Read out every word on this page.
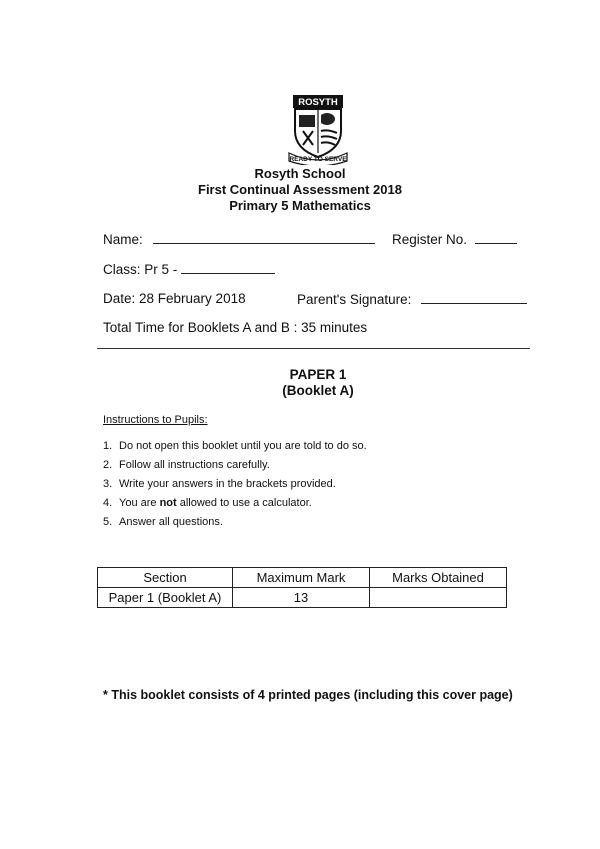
ROSYTH
READY TO SERVE
Rosyth School
First Continual Assessment 2018
Primary 5 Mathematics
Name:	Register No.
Class: Pr 5 -
Date: 28 February 2018	Parent's Signature:
Total Time for Booklets A and B : 35 minutes
PAPER 1
(Booklet A)
Instructions to Pupils:
1. Do not open this booklet until you are told to do so.
2. Follow all instructions carefully.
3. Write your answers in the brackets provided.
4. You are not allowed to use a calculator.
5. Answer all questions.
Section	Maximum Mark	Marks Obtained
Paper 1 (Booklet A)	13	
* This booklet consists of 4 printed pages (including this cover page)
